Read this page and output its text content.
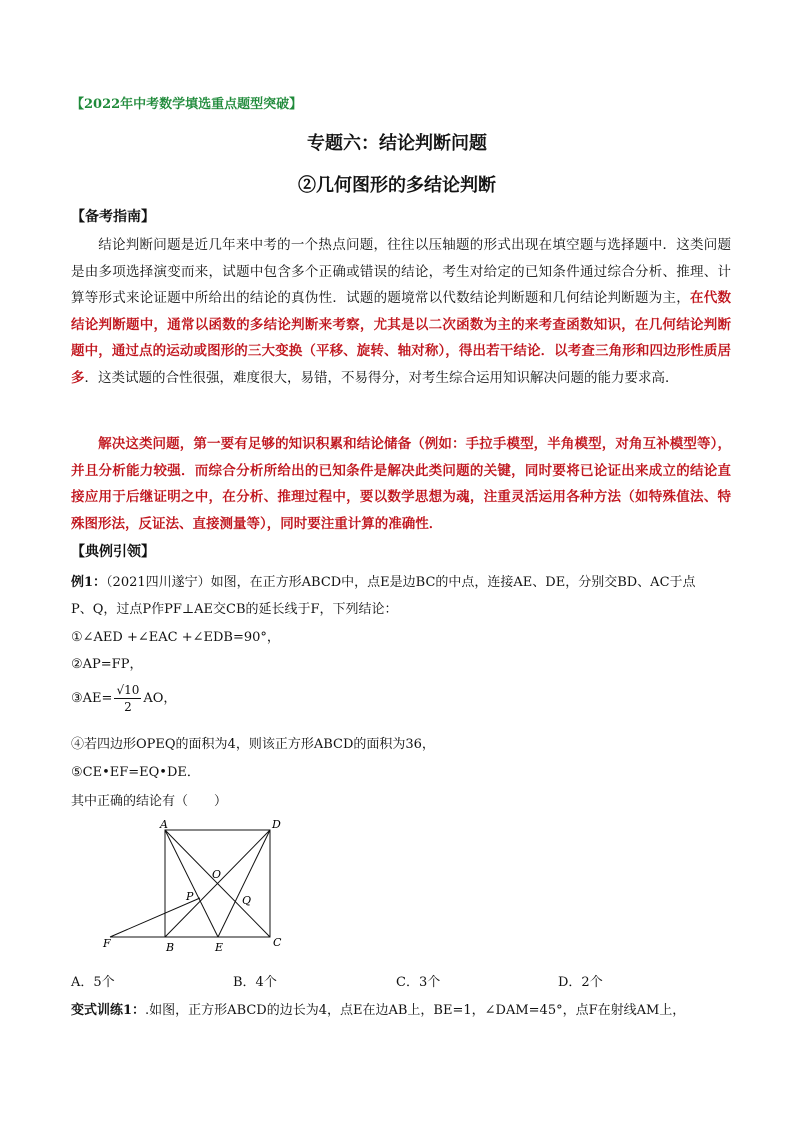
【2022年中考数学填选重点题型突破】
专题六：结论判断问题
②几何图形的多结论判断
【备考指南】
结论判断问题是近几年来中考的一个热点问题，往往以压轴题的形式出现在填空题与选择题中．这类问题是由多项选择演变而来，试题中包含多个正确或错误的结论，考生对给定的已知条件通过综合分析、推理、计算等形式来论证题中所给出的结论的真伪性．试题的题境常以代数结论判断题和几何结论判断题为主，在代数结论判断题中，通常以函数的多结论判断来考察，尤其是以二次函数为主的来考查函数知识，在几何结论判断题中，通过点的运动或图形的三大变换（平移、旋转、轴对称），得出若干结论．以考查三角形和四边形性质居多．这类试题的合性很强，难度很大，易错，不易得分，对考生综合运用知识解决问题的能力要求高．
解决这类问题，第一要有足够的知识积累和结论储备（例如：手拉手模型，半角模型，对角互补模型等），并且分析能力较强．而综合分析所给出的已知条件是解决此类问题的关键，同时要将已论证出来成立的结论直接应用于后继证明之中，在分析、推理过程中，要以数学思想为魂，注重灵活运用各种方法（如特殊值法、特殊图形法，反证法、直接测量等），同时要注重计算的准确性．
【典例引领】
例1：（2021四川遂宁）如图，在正方形ABCD中，点E是边BC的中点，连接AE、DE，分别交BD、AC于点
P、Q，过点P作PF⊥AE交CB的延长线于F，下列结论：
①∠AED +∠EAC +∠EDB=90°，
②AP=FP，
③AE= $\frac{√10}{2}$ AO，
④若四边形OPEQ的面积为4，则该正方形ABCD的面积为36，
⑤CE•EF=EQ•DE．
其中正确的结论有（　　）
A	D
B	C
E
F
O
P	Q
A．5个	B．4个	C．3个	D．2个
变式训练1：.如图，正方形ABCD的边长为4，点E在边AB上，BE=1，∠DAM=45°，点F在射线AM上，
